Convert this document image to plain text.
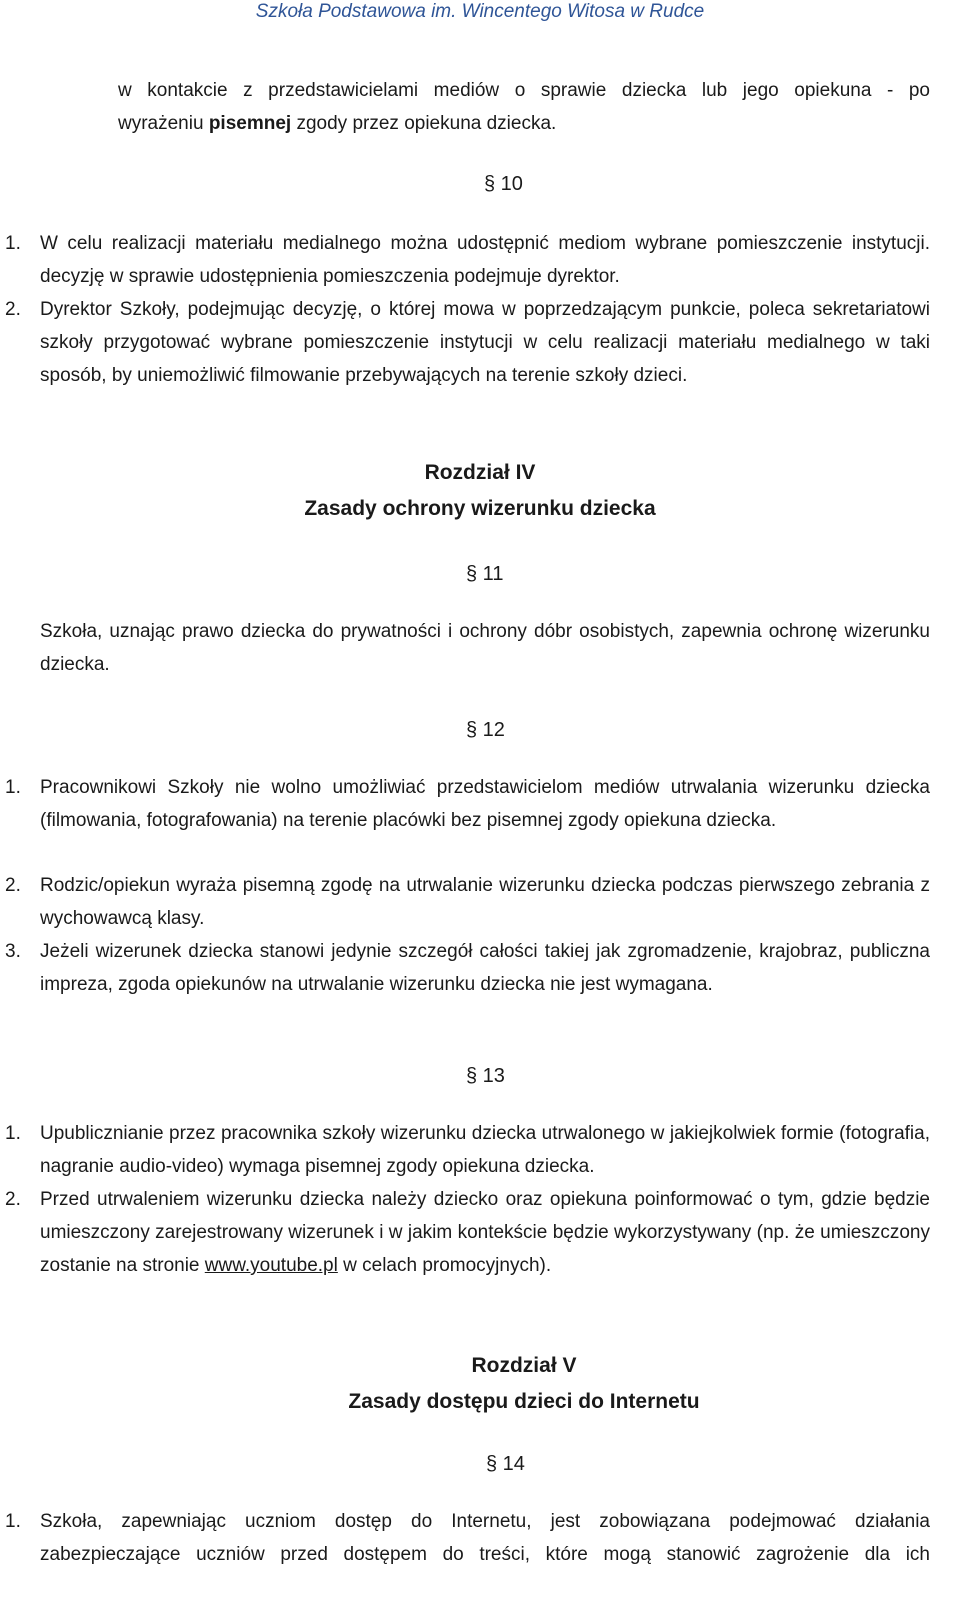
Szkoła Podstawowa im. Wincentego Witosa w Rudce
w kontakcie z przedstawicielami mediów o sprawie dziecka lub jego opiekuna - po
wyrażeniu pisemnej zgody przez opiekuna dziecka.
§ 10
1. W celu realizacji materiału medialnego można udostępnić mediom wybrane pomieszczenie instytucji. decyzję w sprawie udostępnienia pomieszczenia podejmuje dyrektor.
2. Dyrektor Szkoły, podejmując decyzję, o której mowa w poprzedzającym punkcie, poleca sekretariatowi szkoły przygotować wybrane pomieszczenie instytucji w celu realizacji materiału medialnego w taki sposób, by uniemożliwić filmowanie przebywających na terenie szkoły dzieci.
Rozdział IV
Zasady ochrony wizerunku dziecka
§ 11
Szkoła, uznając prawo dziecka do prywatności i ochrony dóbr osobistych, zapewnia ochronę wizerunku dziecka.
§ 12
1. Pracownikowi Szkoły nie wolno umożliwiać przedstawicielom mediów utrwalania wizerunku dziecka (filmowania, fotografowania) na terenie placówki bez pisemnej zgody opiekuna dziecka.
2. Rodzic/opiekun wyraża pisemną zgodę na utrwalanie wizerunku dziecka podczas pierwszego zebrania z wychowawcą klasy.
3. Jeżeli wizerunek dziecka stanowi jedynie szczegół całości takiej jak zgromadzenie, krajobraz, publiczna impreza, zgoda opiekunów na utrwalanie wizerunku dziecka nie jest wymagana.
§ 13
1. Upublicznianie przez pracownika szkoły wizerunku dziecka utrwalonego w jakiejkolwiek formie (fotografia, nagranie audio-video) wymaga pisemnej zgody opiekuna dziecka.
2. Przed utrwaleniem wizerunku dziecka należy dziecko oraz opiekuna poinformować o tym, gdzie będzie umieszczony zarejestrowany wizerunek i w jakim kontekście będzie wykorzystywany (np. że umieszczony zostanie na stronie www.youtube.pl w celach promocyjnych).
Rozdział V
Zasady dostępu dzieci do Internetu
§ 14
1. Szkoła, zapewniając uczniom dostęp do Internetu, jest zobowiązana podejmować działania zabezpieczające uczniów przed dostępem do treści, które mogą stanowić zagrożenie dla ich
